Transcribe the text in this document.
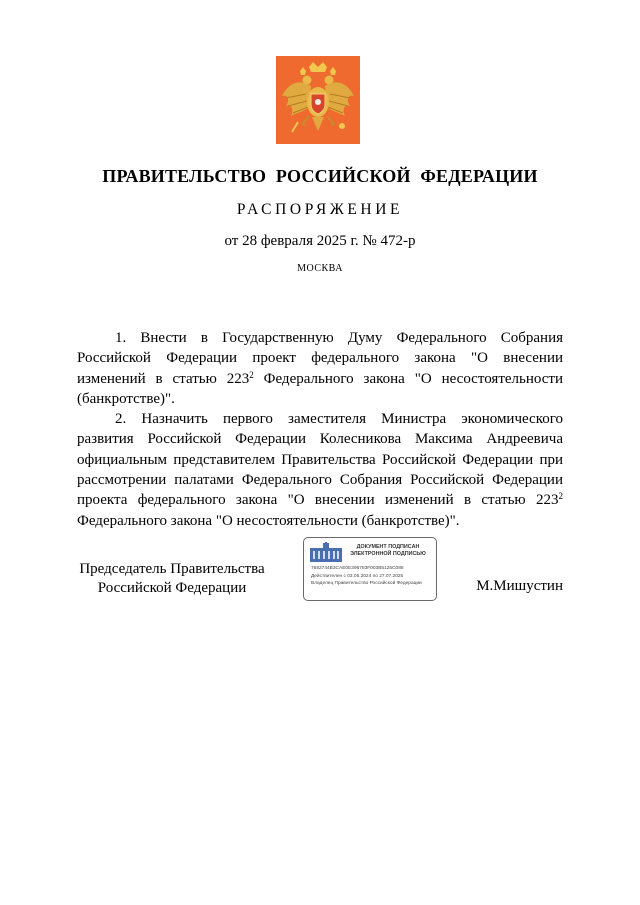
ПРАВИТЕЛЬСТВО РОССИЙСКОЙ ФЕДЕРАЦИИ
РАСПОРЯЖЕНИЕ
от 28 февраля 2025 г. № 472-р
МОСКВА

1. Внести в Государственную Думу Федерального Собрания Российской Федерации проект федерального закона "О внесении изменений в статью $223^2$ Федерального закона "О несостоятельности (банкротстве)".

2. Назначить первого заместителя Министра экономического развития Российской Федерации Колесникова Максима Андреевича официальным представителем Правительства Российской Федерации при рассмотрении палатами Федерального Собрания Российской Федерации проекта федерального закона "О внесении изменений в статью $223^2$ Федерального закона "О несостоятельности (банкротстве)".

Председатель Правительства
Российской Федерации
ДОКУМЕНТ ПОДПИСАН
ЭЛЕКТРОННОЙ ПОДПИСЬЮ
7682744B3CAE0E396783F003B5125C086
Действителен с 03.05.2024 по 27.07.2025
Владелец Правительство Российской Федерации	М.Мишустин
